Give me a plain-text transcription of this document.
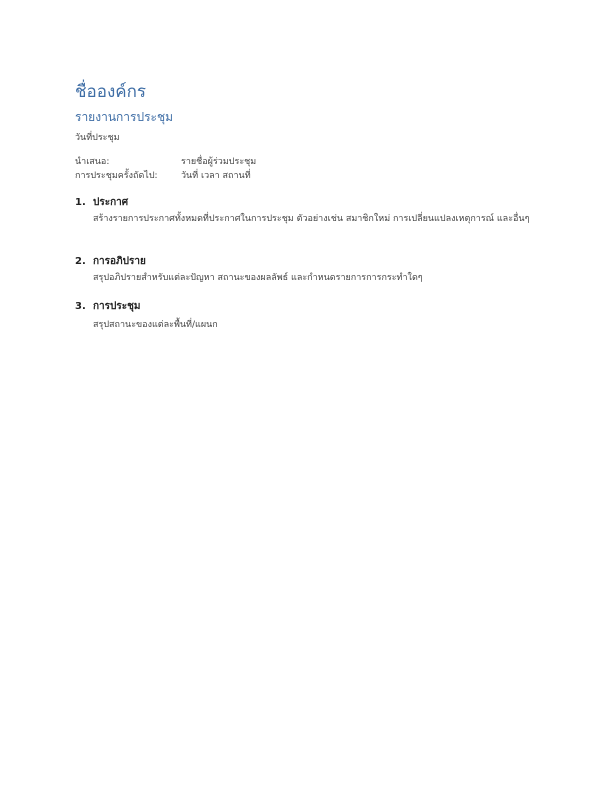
ชื่อองค์กร
รายงานการประชุม
วันที่ประชุม
นำเสนอ:	รายชื่อผู้ร่วมประชุม
การประชุมครั้งถัดไป:	วันที่ เวลา สถานที่
1. ประกาศ
สร้างรายการประกาศทั้งหมดที่ประกาศในการประชุม ตัวอย่างเช่น สมาชิกใหม่ การเปลี่ยนแปลงเหตุการณ์ และอื่นๆ
2. การอภิปราย
สรุปอภิปรายสำหรับแต่ละปัญหา สถานะของผลลัพธ์ และกำหนดรายการการกระทำใดๆ
3. การประชุม
สรุปสถานะของแต่ละพื้นที่/แผนก
